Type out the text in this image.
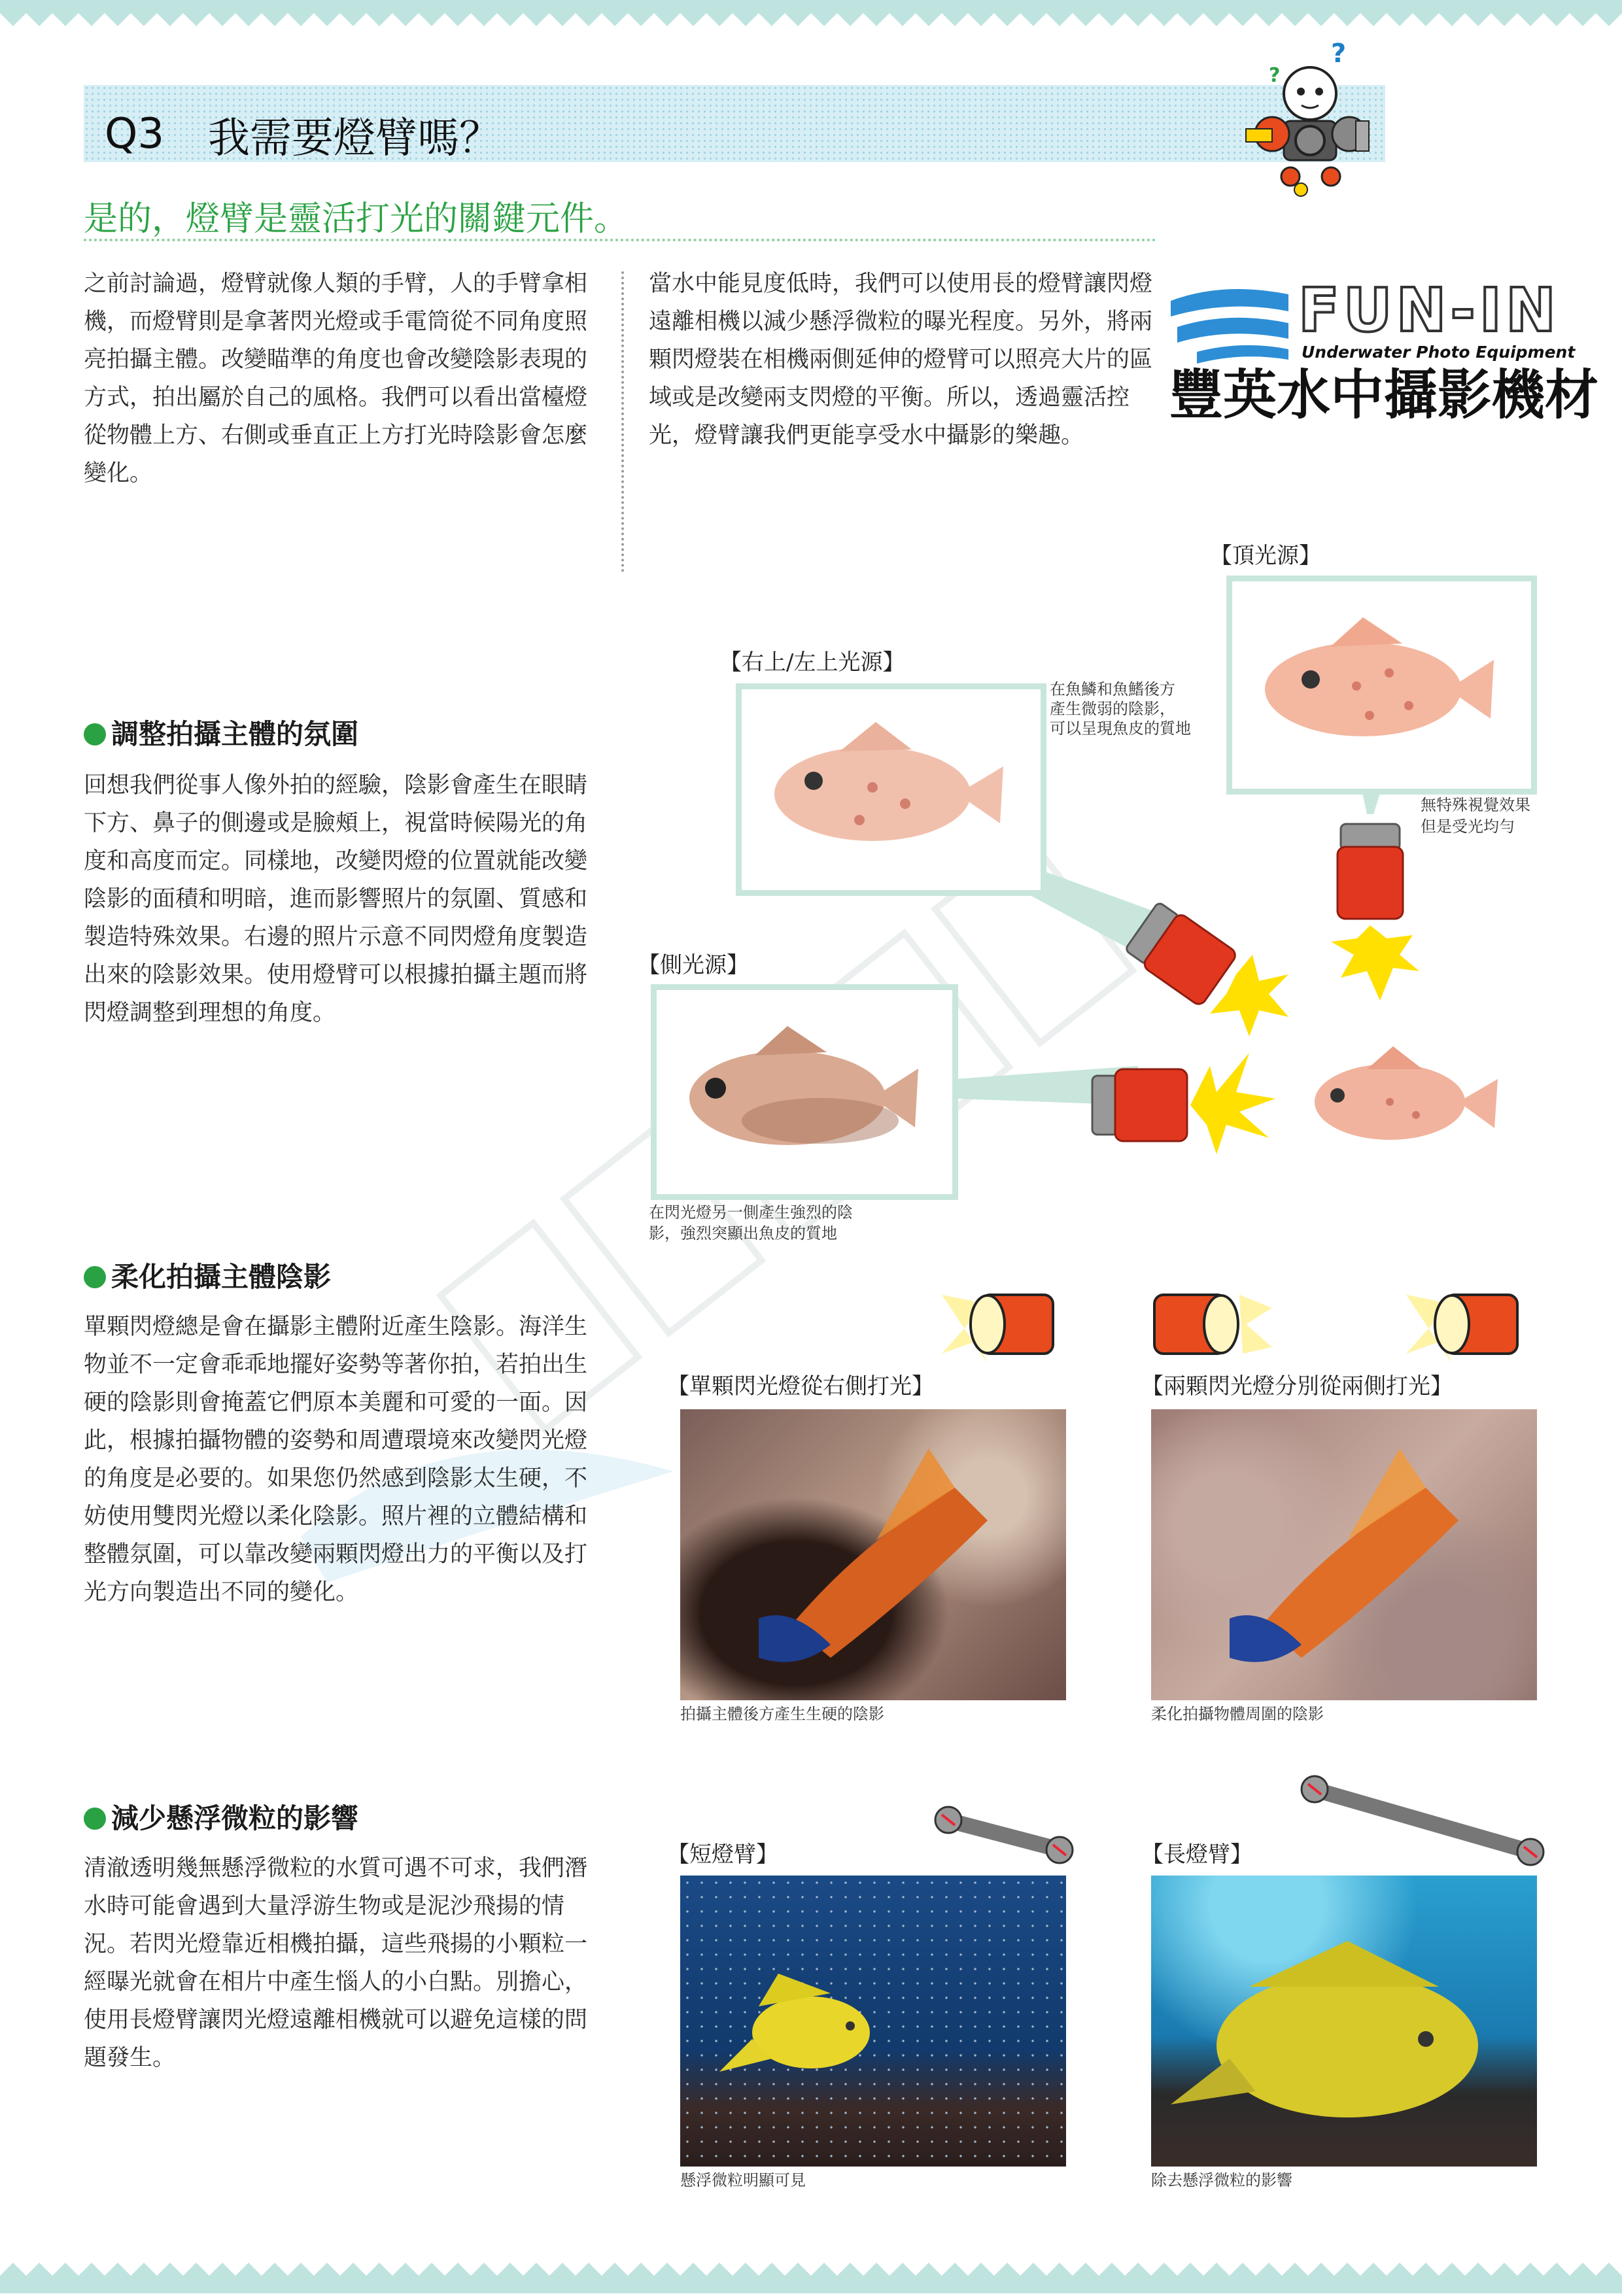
Q3 我需要燈臂嗎？
?
?
是的，燈臂是靈活打光的關鍵元件。
之前討論過，燈臂就像人類的手臂，人的手臂拿相機，而燈臂則是拿著閃光燈或手電筒從不同角度照亮拍攝主體。改變瞄準的角度也會改變陰影表現的方式，拍出屬於自己的風格。我們可以看出當檯燈從物體上方、右側或垂直正上方打光時陰影會怎麼變化。
當水中能見度低時，我們可以使用長的燈臂讓閃燈遠離相機以減少懸浮微粒的曝光程度。另外，將兩顆閃燈裝在相機兩側延伸的燈臂可以照亮大片的區域或是改變兩支閃燈的平衡。所以，透過靈活控光，燈臂讓我們更能享受水中攝影的樂趣。
FUN-IN
Underwater Photo Equipment
豐英水中攝影機材
調整拍攝主體的氛圍
回想我們從事人像外拍的經驗，陰影會產生在眼睛下方、鼻子的側邊或是臉頰上，視當時候陽光的角度和高度而定。同樣地，改變閃燈的位置就能改變陰影的面積和明暗，進而影響照片的氛圍、質感和製造特殊效果。右邊的照片示意不同閃燈角度製造出來的陰影效果。使用燈臂可以根據拍攝主題而將閃燈調整到理想的角度。
【頂光源】
無特殊視覺效果
但是受光均勻
【右上/左上光源】
在魚鱗和魚鰭後方
產生微弱的陰影，
可以呈現魚皮的質地
【側光源】
在閃光燈另一側產生強烈的陰
影，強烈突顯出魚皮的質地
柔化拍攝主體陰影
單顆閃燈總是會在攝影主體附近產生陰影。海洋生物並不一定會乖乖地擺好姿勢等著你拍，若拍出生硬的陰影則會掩蓋它們原本美麗和可愛的一面。因此，根據拍攝物體的姿勢和周遭環境來改變閃光燈的角度是必要的。如果您仍然感到陰影太生硬，不妨使用雙閃光燈以柔化陰影。照片裡的立體結構和整體氛圍，可以靠改變兩顆閃燈出力的平衡以及打光方向製造出不同的變化。
【單顆閃光燈從右側打光】	【兩顆閃光燈分別從兩側打光】
拍攝主體後方產生生硬的陰影	柔化拍攝物體周圍的陰影
減少懸浮微粒的影響
清澈透明幾無懸浮微粒的水質可遇不可求，我們潛水時可能會遇到大量浮游生物或是泥沙飛揚的情況。若閃光燈靠近相機拍攝，這些飛揚的小顆粒一經曝光就會在相片中產生惱人的小白點。別擔心，使用長燈臂讓閃光燈遠離相機就可以避免這樣的問題發生。
【短燈臂】	【長燈臂】
懸浮微粒明顯可見	除去懸浮微粒的影響
